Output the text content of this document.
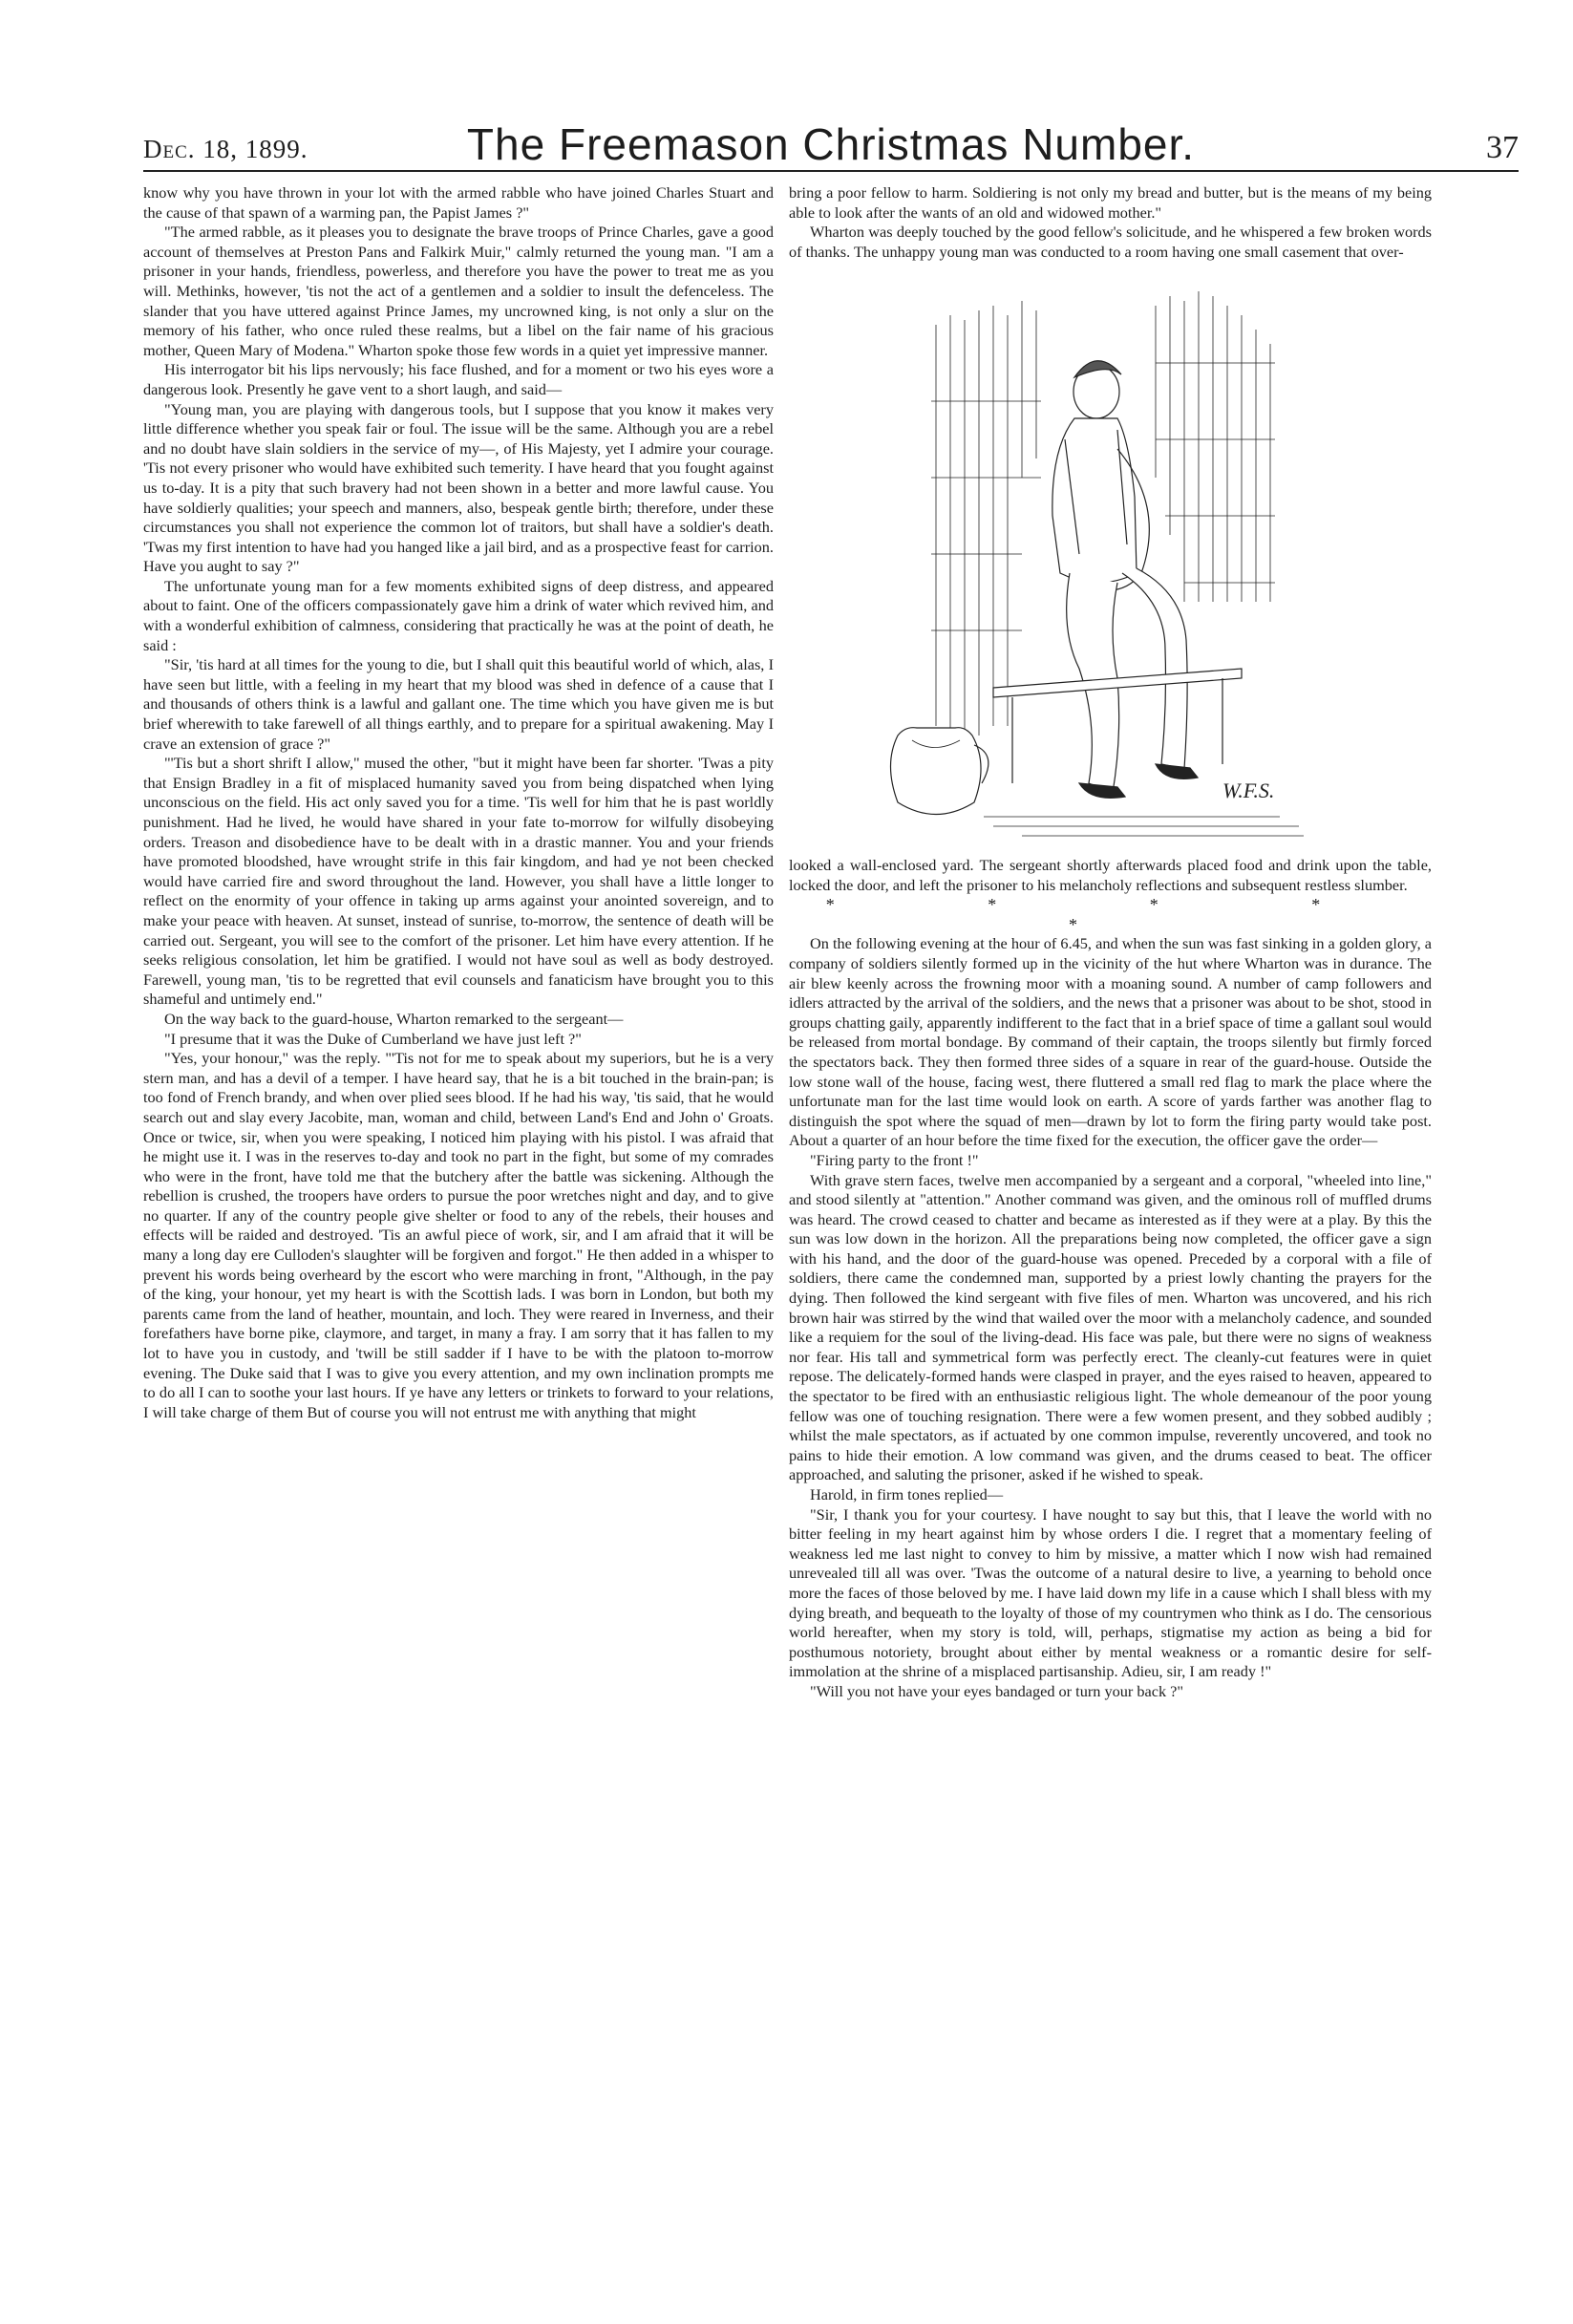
Dec. 18, 1899.	The Freemason Christmas Number.	37

know why you have thrown in your lot with the armed rabble who have joined Charles Stuart and the cause of that spawn of a warming pan, the Papist James ?"

"The armed rabble, as it pleases you to designate the brave troops of Prince Charles, gave a good account of themselves at Preston Pans and Falkirk Muir," calmly returned the young man. "I am a prisoner in your hands, friendless, powerless, and therefore you have the power to treat me as you will. Methinks, however, 'tis not the act of a gentlemen and a soldier to insult the defenceless. The slander that you have uttered against Prince James, my uncrowned king, is not only a slur on the memory of his father, who once ruled these realms, but a libel on the fair name of his gracious mother, Queen Mary of Modena." Wharton spoke those few words in a quiet yet impressive manner.

His interrogator bit his lips nervously; his face flushed, and for a moment or two his eyes wore a dangerous look. Presently he gave vent to a short laugh, and said—

"Young man, you are playing with dangerous tools, but I suppose that you know it makes very little difference whether you speak fair or foul. The issue will be the same. Although you are a rebel and no doubt have slain soldiers in the service of my—, of His Majesty, yet I admire your courage. 'Tis not every prisoner who would have exhibited such temerity. I have heard that you fought against us to-day. It is a pity that such bravery had not been shown in a better and more lawful cause. You have soldierly qualities; your speech and manners, also, bespeak gentle birth; therefore, under these circumstances you shall not experience the common lot of traitors, but shall have a soldier's death. 'Twas my first intention to have had you hanged like a jail bird, and as a prospective feast for carrion. Have you aught to say ?"

The unfortunate young man for a few moments exhibited signs of deep distress, and appeared about to faint. One of the officers compassionately gave him a drink of water which revived him, and with a wonderful exhibition of calmness, considering that practically he was at the point of death, he said :

"Sir, 'tis hard at all times for the young to die, but I shall quit this beautiful world of which, alas, I have seen but little, with a feeling in my heart that my blood was shed in defence of a cause that I and thousands of others think is a lawful and gallant one. The time which you have given me is but brief wherewith to take farewell of all things earthly, and to prepare for a spiritual awakening. May I crave an extension of grace ?"

"'Tis but a short shrift I allow," mused the other, "but it might have been far shorter. 'Twas a pity that Ensign Bradley in a fit of misplaced humanity saved you from being dispatched when lying unconscious on the field. His act only saved you for a time. 'Tis well for him that he is past worldly punishment. Had he lived, he would have shared in your fate to-morrow for wilfully disobeying orders. Treason and disobedience have to be dealt with in a drastic manner. You and your friends have promoted bloodshed, have wrought strife in this fair kingdom, and had ye not been checked would have carried fire and sword throughout the land. However, you shall have a little longer to reflect on the enormity of your offence in taking up arms against your anointed sovereign, and to make your peace with heaven. At sunset, instead of sunrise, to-morrow, the sentence of death will be carried out. Sergeant, you will see to the comfort of the prisoner. Let him have every attention. If he seeks religious consolation, let him be gratified. I would not have soul as well as body destroyed. Farewell, young man, 'tis to be regretted that evil counsels and fanaticism have brought you to this shameful and untimely end."

On the way back to the guard-house, Wharton remarked to the sergeant—

"I presume that it was the Duke of Cumberland we have just left ?"

"Yes, your honour," was the reply. "'Tis not for me to speak about my superiors, but he is a very stern man, and has a devil of a temper. I have heard say, that he is a bit touched in the brain-pan; is too fond of French brandy, and when over plied sees blood. If he had his way, 'tis said, that he would search out and slay every Jacobite, man, woman and child, between Land's End and John o' Groats. Once or twice, sir, when you were speaking, I noticed him playing with his pistol. I was afraid that he might use it. I was in the reserves to-day and took no part in the fight, but some of my comrades who were in the front, have told me that the butchery after the battle was sickening. Although the rebellion is crushed, the troopers have orders to pursue the poor wretches night and day, and to give no quarter. If any of the country people give shelter or food to any of the rebels, their houses and effects will be raided and destroyed. 'Tis an awful piece of work, sir, and I am afraid that it will be many a long day ere Culloden's slaughter will be forgiven and forgot." He then added in a whisper to prevent his words being overheard by the escort who were marching in front, "Although, in the pay of the king, your honour, yet my heart is with the Scottish lads. I was born in London, but both my parents came from the land of heather, mountain, and loch. They were reared in Inverness, and their forefathers have borne pike, claymore, and target, in many a fray. I am sorry that it has fallen to my lot to have you in custody, and 'twill be still sadder if I have to be with the platoon to-morrow evening. The Duke said that I was to give you every attention, and my own inclination prompts me to do all I can to soothe your last hours. If ye have any letters or trinkets to forward to your relations, I will take charge of them But of course you will not entrust me with anything that might

bring a poor fellow to harm. Soldiering is not only my bread and butter, but is the means of my being able to look after the wants of an old and widowed mother."

Wharton was deeply touched by the good fellow's solicitude, and he whispered a few broken words of thanks. The unhappy young man was conducted to a room having one small casement that over-

W.F.S.

looked a wall-enclosed yard. The sergeant shortly afterwards placed food and drink upon the table, locked the door, and left the prisoner to his melancholy reflections and subsequent restless slumber.

* * * * *

On the following evening at the hour of 6.45, and when the sun was fast sinking in a golden glory, a company of soldiers silently formed up in the vicinity of the hut where Wharton was in durance. The air blew keenly across the frowning moor with a moaning sound. A number of camp followers and idlers attracted by the arrival of the soldiers, and the news that a prisoner was about to be shot, stood in groups chatting gaily, apparently indifferent to the fact that in a brief space of time a gallant soul would be released from mortal bondage. By command of their captain, the troops silently but firmly forced the spectators back. They then formed three sides of a square in rear of the guard-house. Outside the low stone wall of the house, facing west, there fluttered a small red flag to mark the place where the unfortunate man for the last time would look on earth. A score of yards farther was another flag to distinguish the spot where the squad of men—drawn by lot to form the firing party would take post. About a quarter of an hour before the time fixed for the execution, the officer gave the order—

"Firing party to the front !"

With grave stern faces, twelve men accompanied by a sergeant and a corporal, "wheeled into line," and stood silently at "attention." Another command was given, and the ominous roll of muffled drums was heard. The crowd ceased to chatter and became as interested as if they were at a play. By this the sun was low down in the horizon. All the preparations being now completed, the officer gave a sign with his hand, and the door of the guard-house was opened. Preceded by a corporal with a file of soldiers, there came the condemned man, supported by a priest lowly chanting the prayers for the dying. Then followed the kind sergeant with five files of men. Wharton was uncovered, and his rich brown hair was stirred by the wind that wailed over the moor with a melancholy cadence, and sounded like a requiem for the soul of the living-dead. His face was pale, but there were no signs of weakness nor fear. His tall and symmetrical form was perfectly erect. The cleanly-cut features were in quiet repose. The delicately-formed hands were clasped in prayer, and the eyes raised to heaven, appeared to the spectator to be fired with an enthusiastic religious light. The whole demeanour of the poor young fellow was one of touching resignation. There were a few women present, and they sobbed audibly ; whilst the male spectators, as if actuated by one common impulse, reverently uncovered, and took no pains to hide their emotion. A low command was given, and the drums ceased to beat. The officer approached, and saluting the prisoner, asked if he wished to speak.

Harold, in firm tones replied—

"Sir, I thank you for your courtesy. I have nought to say but this, that I leave the world with no bitter feeling in my heart against him by whose orders I die. I regret that a momentary feeling of weakness led me last night to convey to him by missive, a matter which I now wish had remained unrevealed till all was over. 'Twas the outcome of a natural desire to live, a yearning to behold once more the faces of those beloved by me. I have laid down my life in a cause which I shall bless with my dying breath, and bequeath to the loyalty of those of my countrymen who think as I do. The censorious world hereafter, when my story is told, will, perhaps, stigmatise my action as being a bid for posthumous notoriety, brought about either by mental weakness or a romantic desire for self-immolation at the shrine of a misplaced partisanship. Adieu, sir, I am ready !"

"Will you not have your eyes bandaged or turn your back ?"
